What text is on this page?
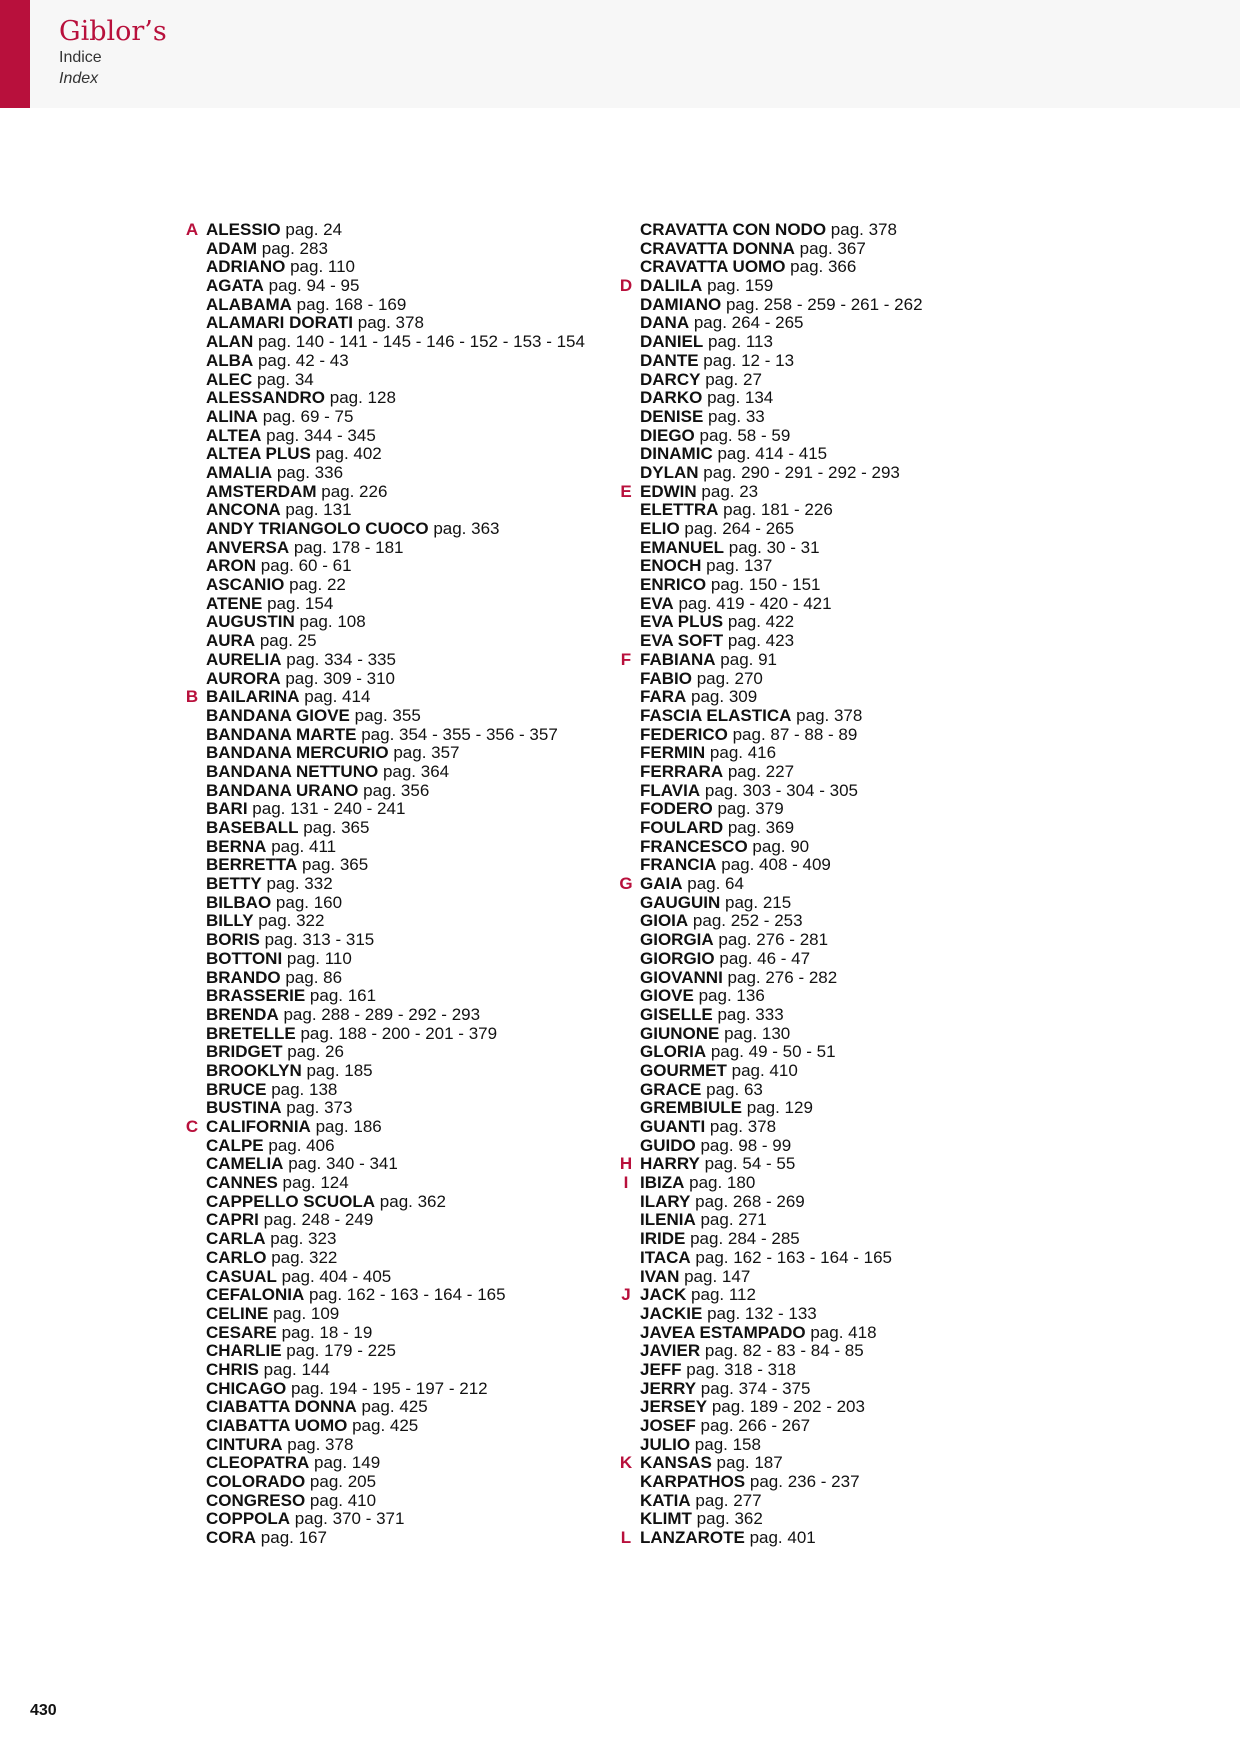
Giblor’s
Indice
Index
A ALESSIO pag. 24
ADAM pag. 283
ADRIANO pag. 110
AGATA pag. 94 - 95
ALABAMA pag. 168 - 169
ALAMARI DORATI pag. 378
ALAN pag. 140 - 141 - 145 - 146 - 152 - 153 - 154
ALBA pag. 42 - 43
ALEC pag. 34
ALESSANDRO pag. 128
ALINA pag. 69 - 75
ALTEA pag. 344 - 345
ALTEA PLUS pag. 402
AMALIA pag. 336
AMSTERDAM pag. 226
ANCONA pag. 131
ANDY TRIANGOLO CUOCO pag. 363
ANVERSA pag. 178 - 181
ARON pag. 60 - 61
ASCANIO pag. 22
ATENE pag. 154
AUGUSTIN pag. 108
AURA pag. 25
AURELIA pag. 334 - 335
AURORA pag. 309 - 310
B BAILARINA pag. 414
BANDANA GIOVE pag. 355
BANDANA MARTE pag. 354 - 355 - 356 - 357
BANDANA MERCURIO pag. 357
BANDANA NETTUNO pag. 364
BANDANA URANO pag. 356
BARI pag. 131 - 240 - 241
BASEBALL pag. 365
BERNA pag. 411
BERRETTA pag. 365
BETTY pag. 332
BILBAO pag. 160
BILLY pag. 322
BORIS pag. 313 - 315
BOTTONI pag. 110
BRANDO pag. 86
BRASSERIE pag. 161
BRENDA pag. 288 - 289 - 292 - 293
BRETELLE pag. 188 - 200 - 201 - 379
BRIDGET pag. 26
BROOKLYN pag. 185
BRUCE pag. 138
BUSTINA pag. 373
C CALIFORNIA pag. 186
CALPE pag. 406
CAMELIA pag. 340 - 341
CANNES pag. 124
CAPPELLO SCUOLA pag. 362
CAPRI pag. 248 - 249
CARLA pag. 323
CARLO pag. 322
CASUAL pag. 404 - 405
CEFALONIA pag. 162 - 163 - 164 - 165
CELINE pag. 109
CESARE pag. 18 - 19
CHARLIE pag. 179 - 225
CHRIS pag. 144
CHICAGO pag. 194 - 195 - 197 - 212
CIABATTA DONNA pag. 425
CIABATTA UOMO pag. 425
CINTURA pag. 378
CLEOPATRA pag. 149
COLORADO pag. 205
CONGRESO pag. 410
COPPOLA pag. 370 - 371
CORA pag. 167
CRAVATTA CON NODO pag. 378
CRAVATTA DONNA pag. 367
CRAVATTA UOMO pag. 366
D DALILA pag. 159
DAMIANO pag. 258 - 259 - 261 - 262
DANA pag. 264 - 265
DANIEL pag. 113
DANTE pag. 12 - 13
DARCY pag. 27
DARKO pag. 134
DENISE pag. 33
DIEGO pag. 58 - 59
DINAMIC pag. 414 - 415
DYLAN pag. 290 - 291 - 292 - 293
E EDWIN pag. 23
ELETTRA pag. 181 - 226
ELIO pag. 264 - 265
EMANUEL pag. 30 - 31
ENOCH pag. 137
ENRICO pag. 150 - 151
EVA pag. 419 - 420 - 421
EVA PLUS pag. 422
EVA SOFT pag. 423
F FABIANA pag. 91
FABIO pag. 270
FARA pag. 309
FASCIA ELASTICA pag. 378
FEDERICO pag. 87 - 88 - 89
FERMIN pag. 416
FERRARA pag. 227
FLAVIA pag. 303 - 304 - 305
FODERO pag. 379
FOULARD pag. 369
FRANCESCO pag. 90
FRANCIA pag. 408 - 409
G GAIA pag. 64
GAUGUIN pag. 215
GIOIA pag. 252 - 253
GIORGIA pag. 276 - 281
GIORGIO pag. 46 - 47
GIOVANNI pag. 276 - 282
GIOVE pag. 136
GISELLE pag. 333
GIUNONE pag. 130
GLORIA pag. 49 - 50 - 51
GOURMET pag. 410
GRACE pag. 63
GREMBIULE pag. 129
GUANTI pag. 378
GUIDO pag. 98 - 99
H HARRY pag. 54 - 55
I IBIZA pag. 180
ILARY pag. 268 - 269
ILENIA pag. 271
IRIDE pag. 284 - 285
ITACA pag. 162 - 163 - 164 - 165
IVAN pag. 147
J JACK pag. 112
JACKIE pag. 132 - 133
JAVEA ESTAMPADO pag. 418
JAVIER pag. 82 - 83 - 84 - 85
JEFF pag. 318 - 318
JERRY pag. 374 - 375
JERSEY pag. 189 - 202 - 203
JOSEF pag. 266 - 267
JULIO pag. 158
K KANSAS pag. 187
KARPATHOS pag. 236 - 237
KATIA pag. 277
KLIMT pag. 362
L LANZAROTE pag. 401
430
